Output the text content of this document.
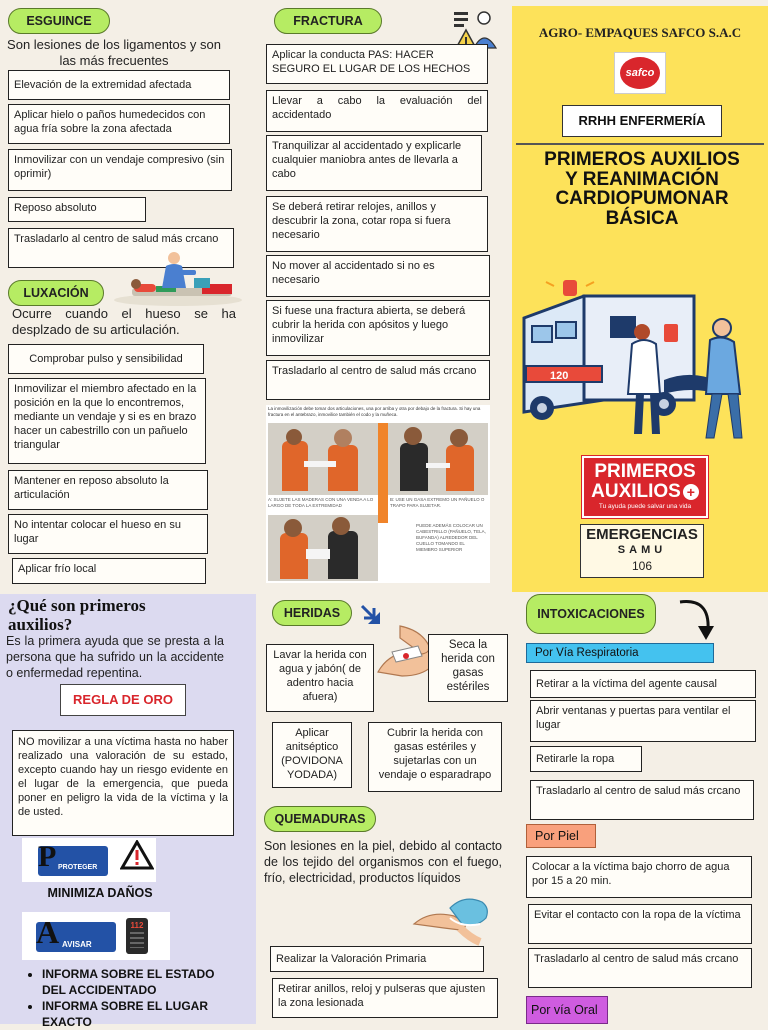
ESGUINCE
Son lesiones de los ligamentos y son las más frecuentes
Elevación de la extremidad afectada
Aplicar hielo o paños humedecidos con agua fría sobre la zona afectada
Inmovilizar con un vendaje compresivo (sin oprimir)
Reposo absoluto
Trasladarlo al centro de salud más crcano
LUXACIÓN
Ocurre cuando el hueso se ha desplzado de su articulación.
Comprobar pulso y sensibilidad
Inmovilizar el miembro afectado en la posición en la que lo encontremos, mediante un vendaje y si es en brazo hacer un cabestrillo con un pañuelo triangular
Mantener en reposo absoluto la articulación
No intentar colocar el hueso en su lugar
Aplicar frío local
FRACTURA
Aplicar la conducta PAS: HACER SEGURO EL LUGAR DE LOS HECHOS
Llevar a cabo la evaluación del accidentado
Tranquilizar al accidentado y explicarle cualquier maniobra antes de llevarla a cabo
Se deberá retirar relojes, anillos y descubrir la zona, cotar ropa si fuera necesario
No mover al accidentado si no es necesario
Si fuese una fractura abierta, se deberá cubrir la herida con apósitos y luego inmovilizar
Trasladarlo al centro de salud más crcano
La inmovilización debe tomar dos articulaciones, una por arriba y otra por debajo de la fractura. Si hay una fractura en el antebrazo, inmovilice también el codo y la muñeca.
A: SUJETE LAS MADERAS CON UNA VENDA A LO LARGO DE TODA LA EXTREMIDAD
B: USE UN GASA EXTREMO UN PAÑUELO O TRAPO PARA SUJETAR.
PUEDE ADEMÁS COLOCAR UN CABESTRILLO (PAÑUELO, TELA, BUFANDA) ALREDEDOR DEL CUELLO TOMANDO EL MIEMBRO SUPERIOR
AGRO- EMPAQUES SAFCO S.A.C
safco
RRHH ENFERMERÍA
PRIMEROS AUXILIOS Y REANIMACIÓN CARDIOPUMONAR BÁSICA
120
PRIMEROS
AUXILIOS +
Tu ayuda puede salvar una vida
EMERGENCIAS
SAMU
106
¿Qué son primeros auxilios?
Es la primera ayuda que se presta a la persona que ha sufrido un la accidente o enfermedad repentina.
REGLA DE ORO
NO movilizar a una víctima hasta no haber realizado una valoración de su estado, excepto cuando hay un riesgo evidente en el lugar de la emergencia, que pueda poner en peligro la vida de la víctima y la de usted.
P PROTEGER
MINIMIZA DAÑOS
A AVISAR
112
• INFORMA SOBRE EL ESTADO DEL ACCIDENTADO
• INFORMA SOBRE EL LUGAR EXACTO
HERIDAS
Lavar la herida con agua y jabón( de adentro hacia afuera)
Seca la herida con gasas estériles
Aplicar anitséptico (POVIDONA YODADA)
Cubrir la herida con gasas estériles y sujetarlas con un vendaje o esparadrapo
QUEMADURAS
Son lesiones en la piel, debido al contacto de los tejido del organismos con el fuego, frío, electricidad, productos líquidos
Realizar la Valoración Primaria
Retirar anillos, reloj y pulseras que ajusten la zona lesionada
INTOXICACIONES
Por Vía Respiratoria
Retirar a la víctima del agente causal
Abrir ventanas y puertas para ventilar el lugar
Retirarle la ropa
Trasladarlo al centro de salud más crcano
Por Piel
Colocar a la víctima bajo chorro de agua por 15 a 20 min.
Evitar el contacto con la ropa de la víctima
Trasladarlo al centro de salud más crcano
Por vía Oral
